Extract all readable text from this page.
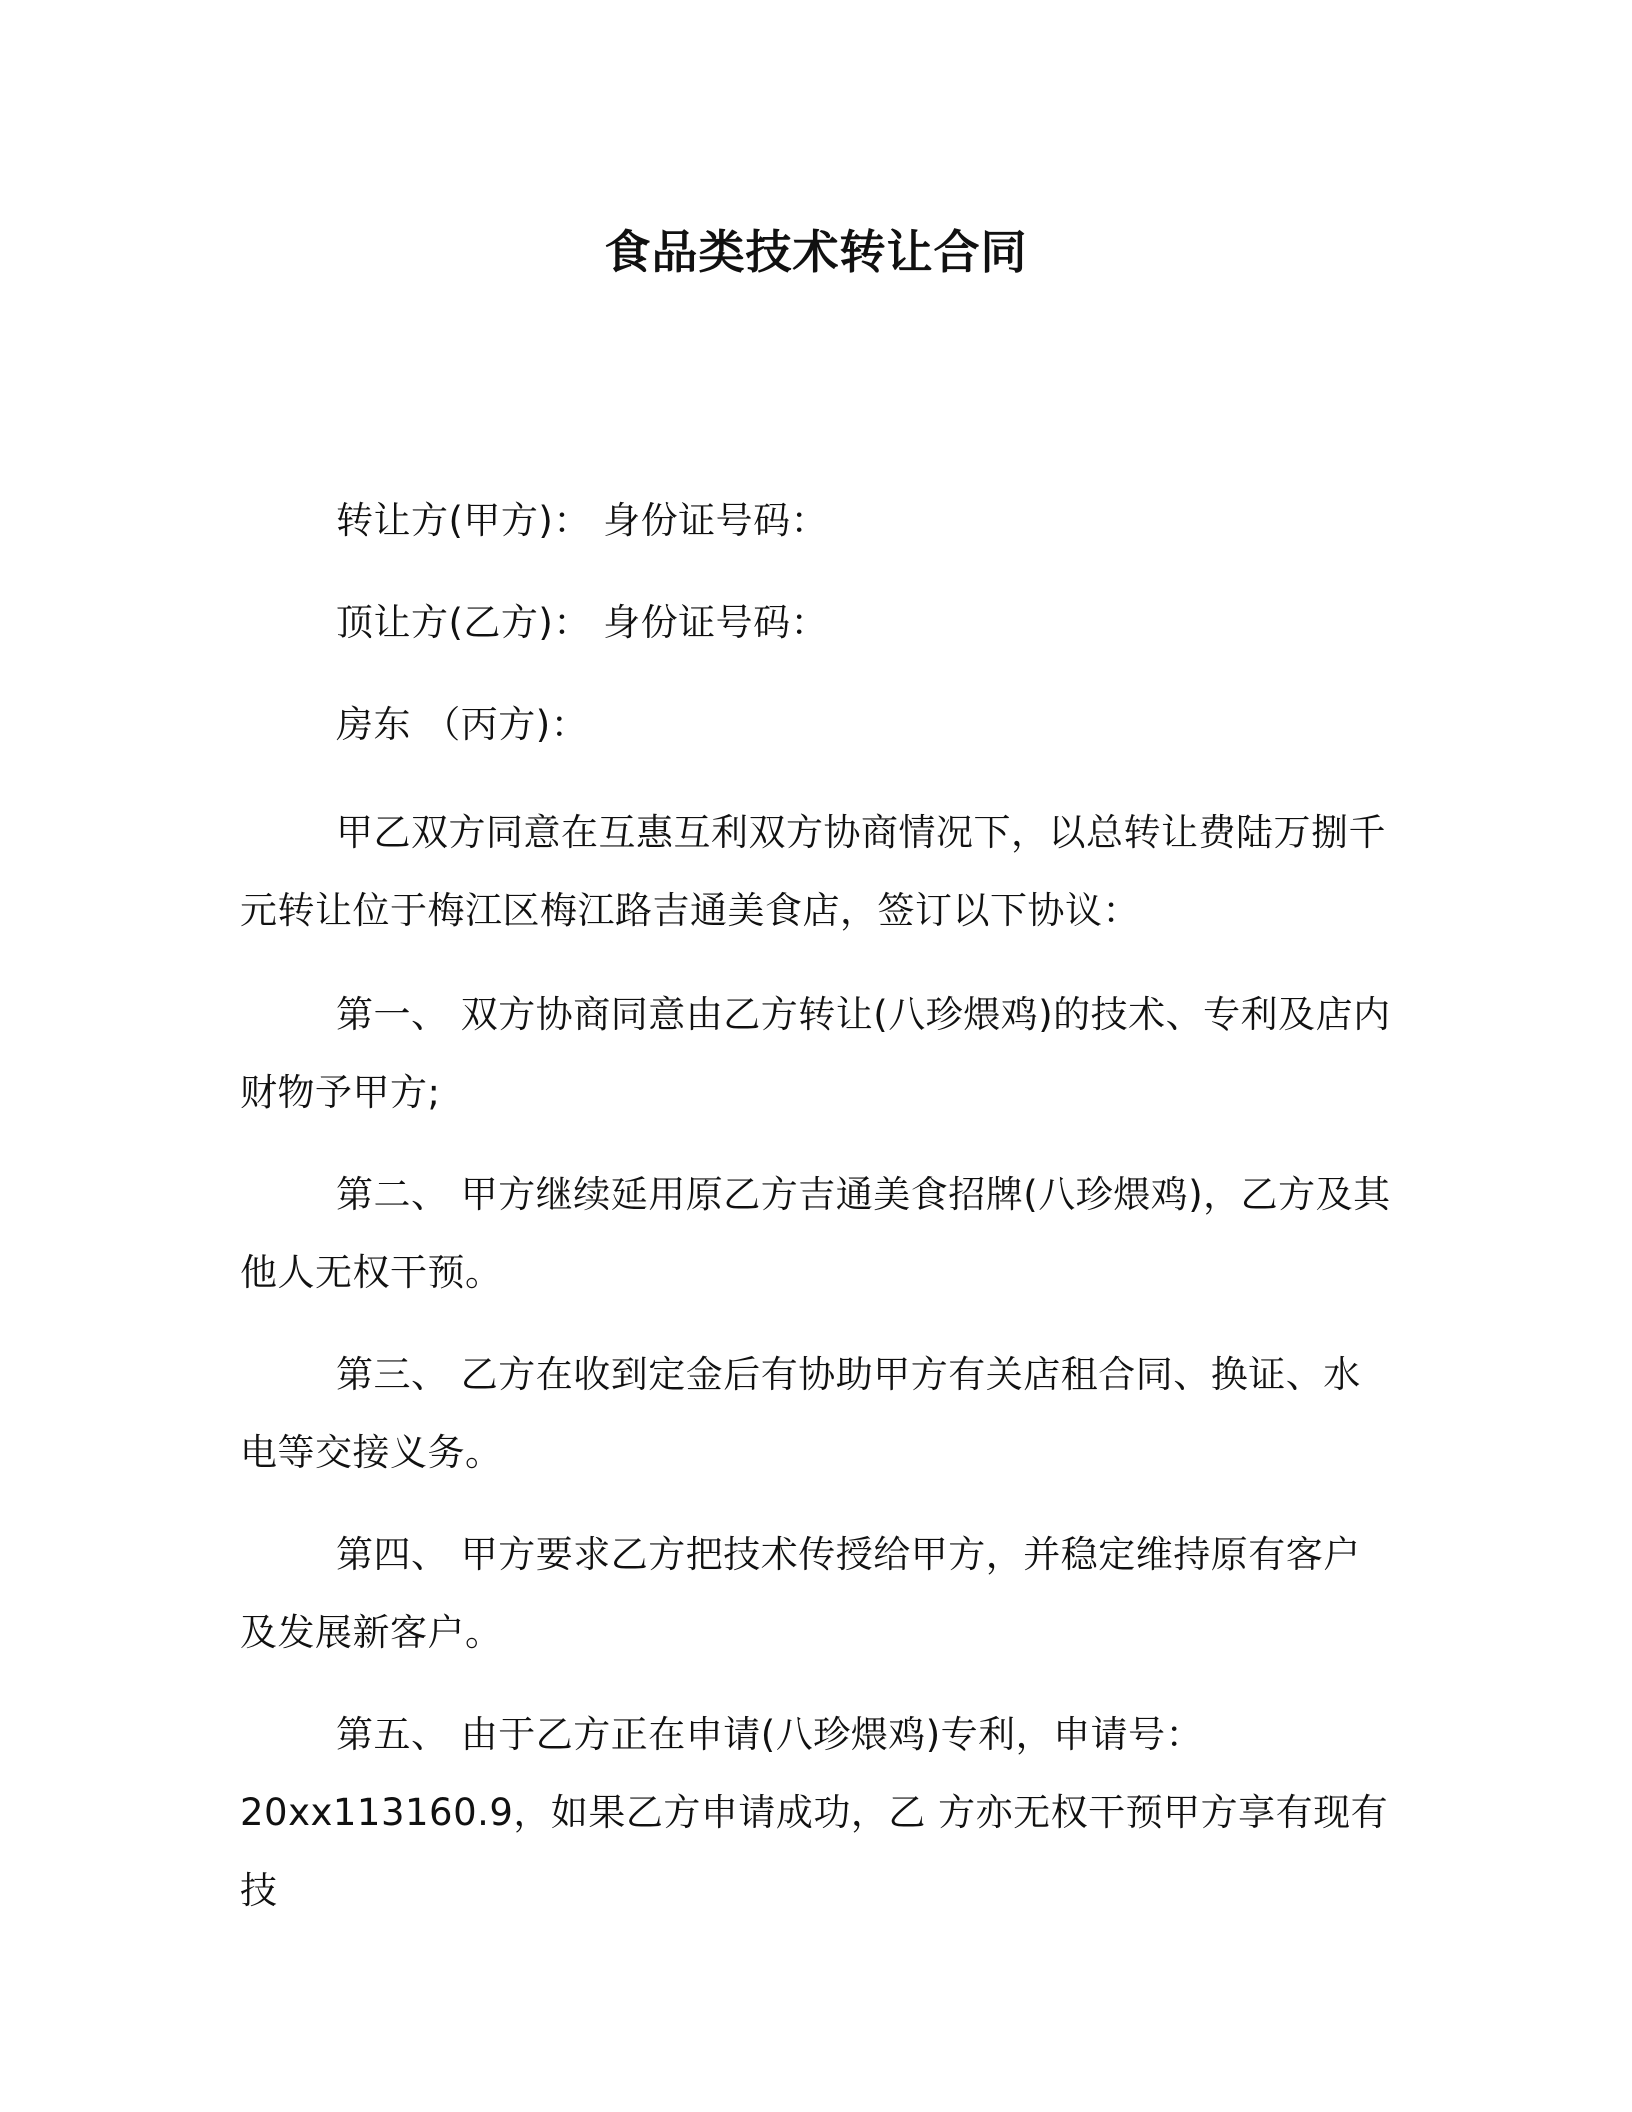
食品类技术转让合同

转让方(甲方)： 身份证号码：

顶让方(乙方)： 身份证号码：

房东 （丙方)：

甲乙双方同意在互惠互利双方协商情况下，以总转让费陆万捌千元转让位于梅江区梅江路吉通美食店，签订以下协议：

第一、 双方协商同意由乙方转让(八珍煨鸡)的技术、专利及店内财物予甲方;

第二、 甲方继续延用原乙方吉通美食招牌(八珍煨鸡)，乙方及其他人无权干预。

第三、 乙方在收到定金后有协助甲方有关店租合同、换证、水电等交接义务。

第四、 甲方要求乙方把技术传授给甲方，并稳定维持原有客户及发展新客户。

第五、 由于乙方正在申请(八珍煨鸡)专利，申请号：20xx113160.9，如果乙方申请成功，乙 方亦无权干预甲方享有现有技
